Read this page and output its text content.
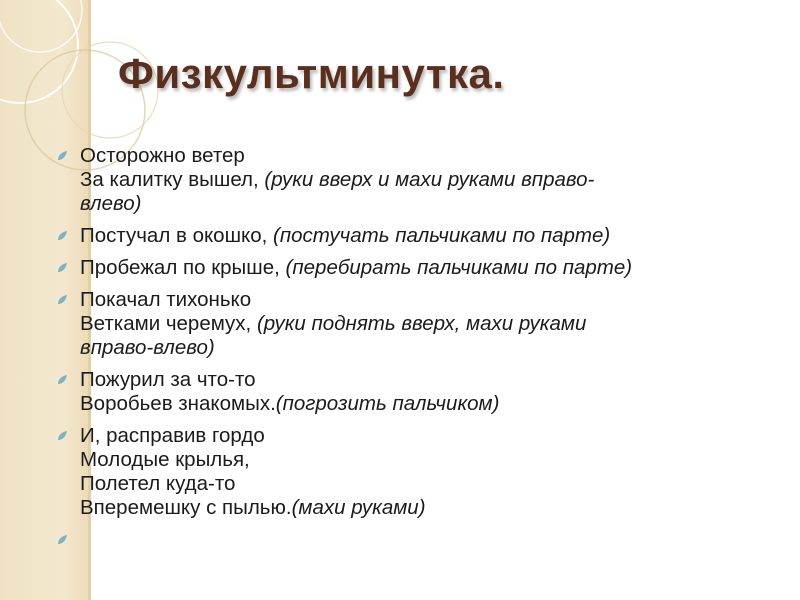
Физкультминутка.
Осторожно ветер
За калитку вышел, (руки вверх и махи руками вправо-
влево)
Постучал в окошко, (постучать пальчиками по парте)
Пробежал по крыше, (перебирать пальчиками по парте)
Покачал тихонько
Ветками черемух, (руки поднять вверх, махи руками
вправо-влево)
Пожурил за что-то
Воробьев знакомых.(погрозить пальчиком)
И, расправив гордо
Молодые крылья,
Полетел куда-то
Вперемешку с пылью.(махи руками)
